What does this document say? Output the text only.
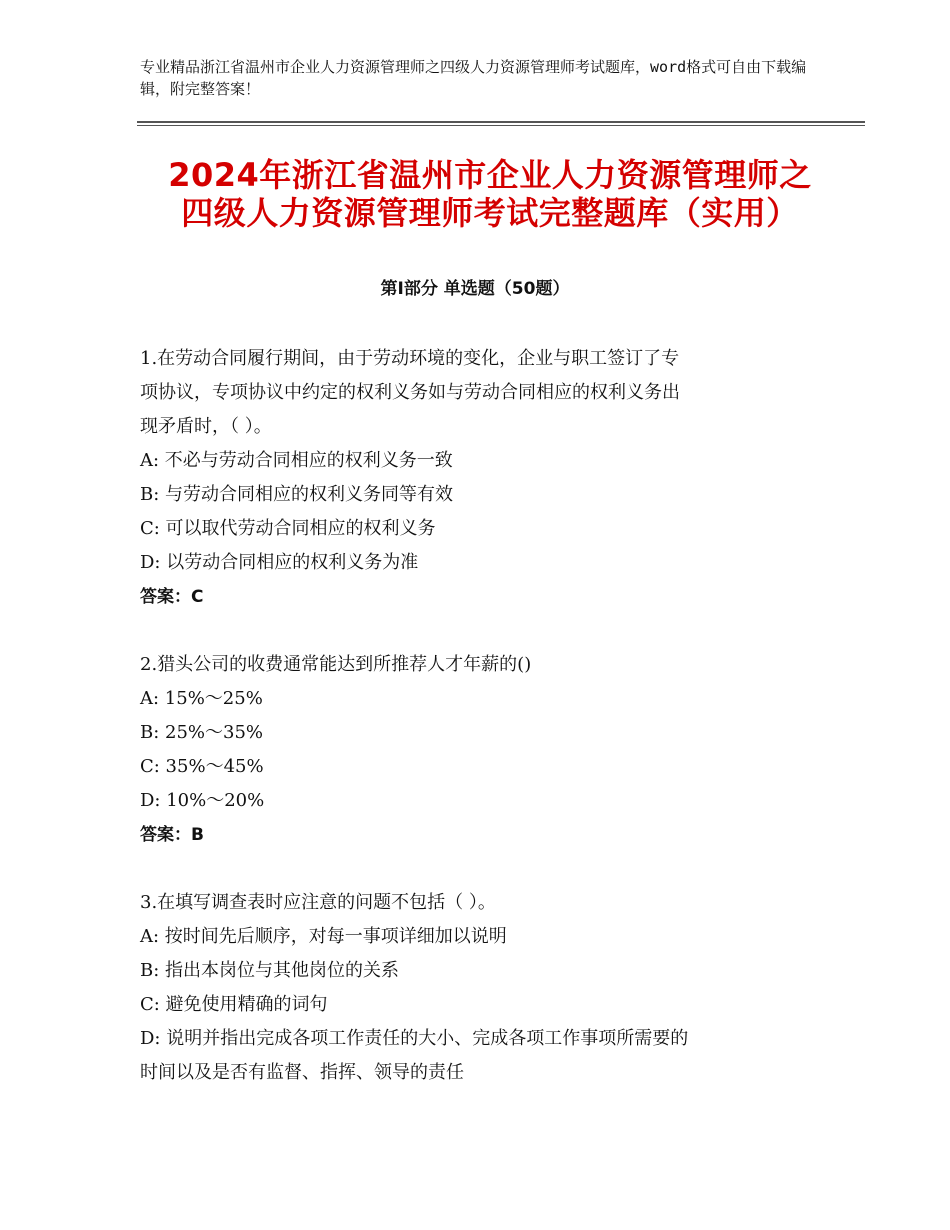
专业精品浙江省温州市企业人力资源管理师之四级人力资源管理师考试题库，word格式可自由下载编辑，附完整答案！
2024年浙江省温州市企业人力资源管理师之
四级人力资源管理师考试完整题库（实用）
第Ⅰ部分 单选题（50题）
1.在劳动合同履行期间，由于劳动环境的变化，企业与职工签订了专
项协议，专项协议中约定的权利义务如与劳动合同相应的权利义务出
现矛盾时，（ ）。
A: 不必与劳动合同相应的权利义务一致
B: 与劳动合同相应的权利义务同等有效
C: 可以取代劳动合同相应的权利义务
D: 以劳动合同相应的权利义务为准
答案：C
2.猎头公司的收费通常能达到所推荐人才年薪的()
A: 15%～25%
B: 25%～35%
C: 35%～45%
D: 10%～20%
答案：B
3.在填写调查表时应注意的问题不包括（ ）。
A: 按时间先后顺序，对每一事项详细加以说明
B: 指出本岗位与其他岗位的关系
C: 避免使用精确的词句
D: 说明并指出完成各项工作责任的大小、完成各项工作事项所需要的
时间以及是否有监督、指挥、领导的责任
